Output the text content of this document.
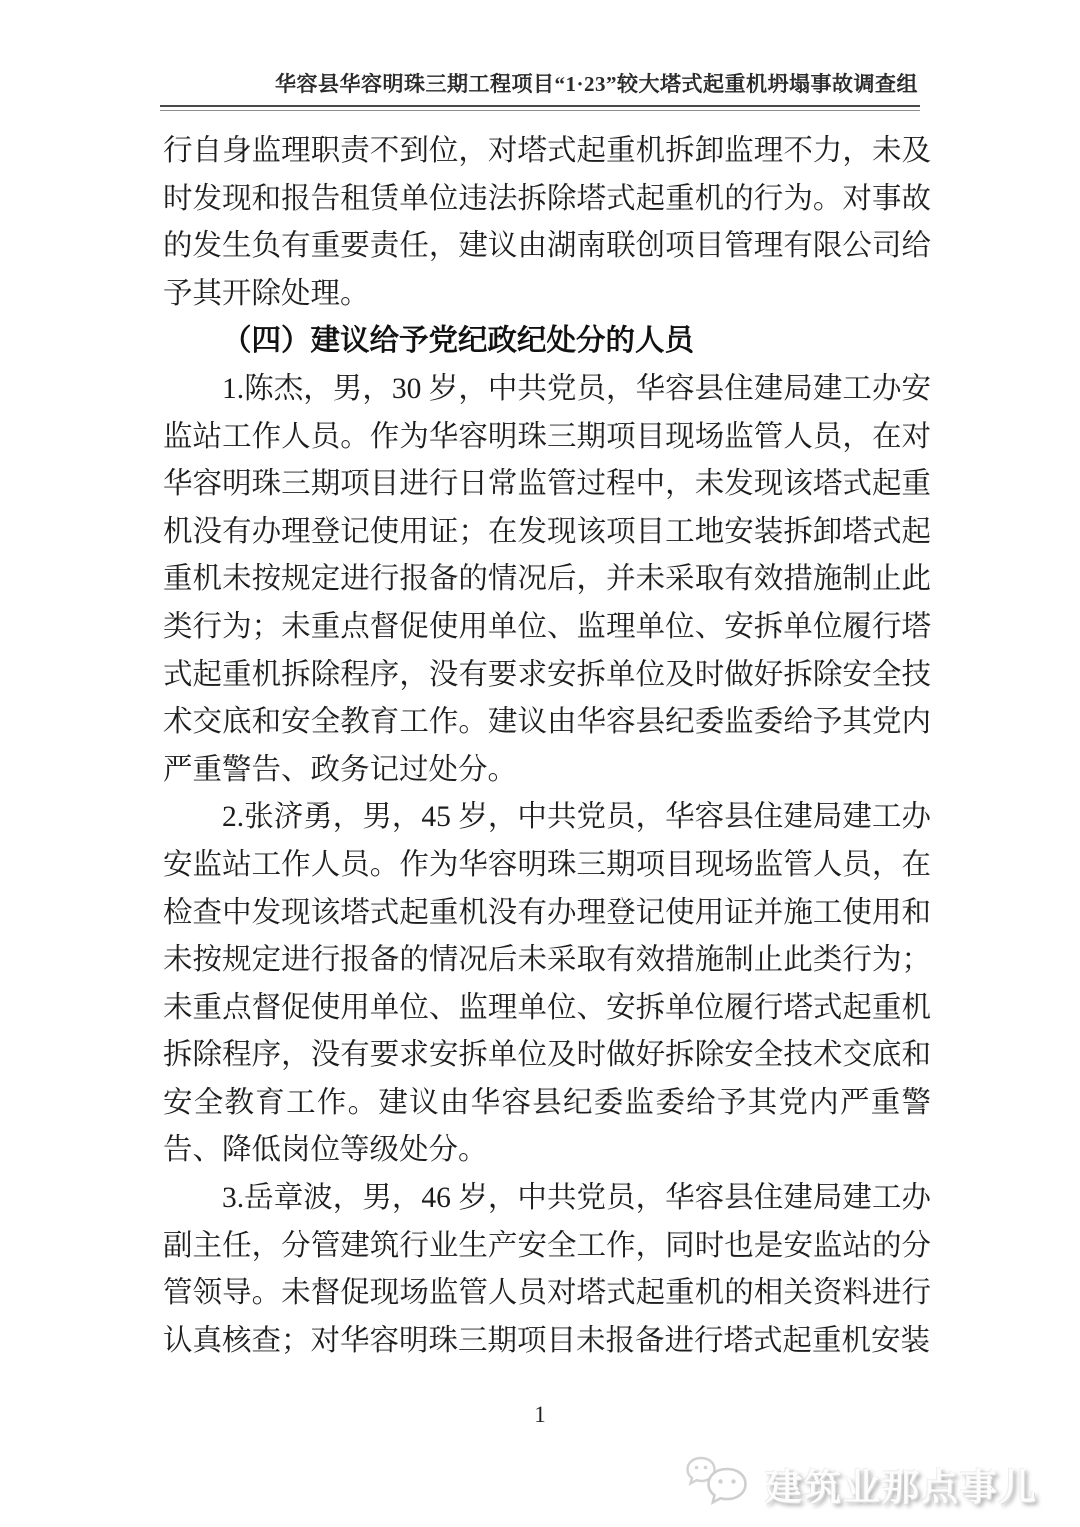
华容县华容明珠三期工程项目“1·23”较大塔式起重机坍塌事故调查组

行自身监理职责不到位，对塔式起重机拆卸监理不力，未及时发现和报告租赁单位违法拆除塔式起重机的行为。对事故的发生负有重要责任，建议由湖南联创项目管理有限公司给予其开除处理。

（四）建议给予党纪政纪处分的人员

1.陈杰，男，30 岁，中共党员，华容县住建局建工办安监站工作人员。作为华容明珠三期项目现场监管人员，在对华容明珠三期项目进行日常监管过程中，未发现该塔式起重机没有办理登记使用证；在发现该项目工地安装拆卸塔式起重机未按规定进行报备的情况后，并未采取有效措施制止此类行为；未重点督促使用单位、监理单位、安拆单位履行塔式起重机拆除程序，没有要求安拆单位及时做好拆除安全技术交底和安全教育工作。建议由华容县纪委监委给予其党内严重警告、政务记过处分。

2.张济勇，男，45 岁，中共党员，华容县住建局建工办安监站工作人员。作为华容明珠三期项目现场监管人员，在检查中发现该塔式起重机没有办理登记使用证并施工使用和未按规定进行报备的情况后未采取有效措施制止此类行为；未重点督促使用单位、监理单位、安拆单位履行塔式起重机拆除程序，没有要求安拆单位及时做好拆除安全技术交底和安全教育工作。建议由华容县纪委监委给予其党内严重警告、降低岗位等级处分。

3.岳章波，男，46 岁，中共党员，华容县住建局建工办副主任，分管建筑行业生产安全工作，同时也是安监站的分管领导。未督促现场监管人员对塔式起重机的相关资料进行认真核查；对华容明珠三期项目未报备进行塔式起重机安装

1
建筑业那点事儿
